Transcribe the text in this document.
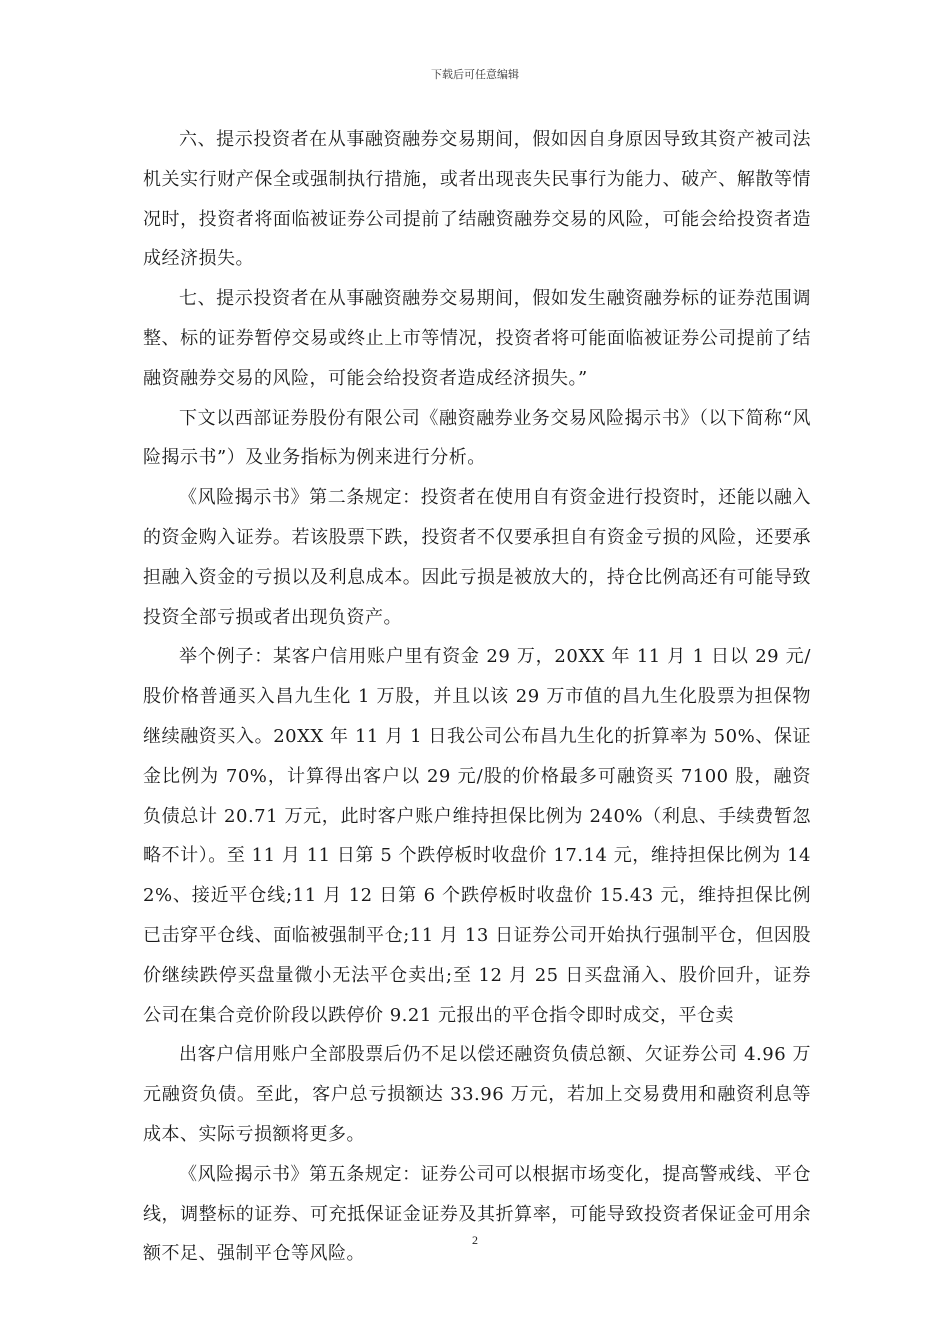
下载后可任意编辑

六、提示投资者在从事融资融券交易期间，假如因自身原因导致其资产被司法机关实行财产保全或强制执行措施，或者出现丧失民事行为能力、破产、解散等情况时，投资者将面临被证券公司提前了结融资融券交易的风险，可能会给投资者造成经济损失。

七、提示投资者在从事融资融券交易期间，假如发生融资融券标的证券范围调整、标的证券暂停交易或终止上市等情况，投资者将可能面临被证券公司提前了结融资融券交易的风险，可能会给投资者造成经济损失。”

下文以西部证券股份有限公司《融资融券业务交易风险揭示书》（以下简称“风险揭示书”）及业务指标为例来进行分析。

《风险揭示书》第二条规定：投资者在使用自有资金进行投资时，还能以融入的资金购入证券。若该股票下跌，投资者不仅要承担自有资金亏损的风险，还要承担融入资金的亏损以及利息成本。因此亏损是被放大的，持仓比例高还有可能导致投资全部亏损或者出现负资产。

举个例子：某客户信用账户里有资金 29 万，20XX 年 11 月 1 日以 29 元/股价格普通买入昌九生化 1 万股，并且以该 29 万市值的昌九生化股票为担保物继续融资买入。20XX 年 11 月 1 日我公司公布昌九生化的折算率为 50%、保证金比例为 70%，计算得出客户以 29 元/股的价格最多可融资买 7100 股，融资负债总计 20.71 万元，此时客户账户维持担保比例为 240%（利息、手续费暂忽略不计）。至 11 月 11 日第 5 个跌停板时收盘价 17.14 元，维持担保比例为 142%、接近平仓线;11 月 12 日第 6 个跌停板时收盘价 15.43 元，维持担保比例已击穿平仓线、面临被强制平仓;11 月 13 日证券公司开始执行强制平仓，但因股价继续跌停买盘量微小无法平仓卖出;至 12 月 25 日买盘涌入、股价回升，证券公司在集合竞价阶段以跌停价 9.21 元报出的平仓指令即时成交，平仓卖

出客户信用账户全部股票后仍不足以偿还融资负债总额、欠证券公司 4.96 万元融资负债。至此，客户总亏损额达 33.96 万元，若加上交易费用和融资利息等成本、实际亏损额将更多。

《风险揭示书》第五条规定：证券公司可以根据市场变化，提高警戒线、平仓线，调整标的证券、可充抵保证金证券及其折算率，可能导致投资者保证金可用余额不足、强制平仓等风险。

2
